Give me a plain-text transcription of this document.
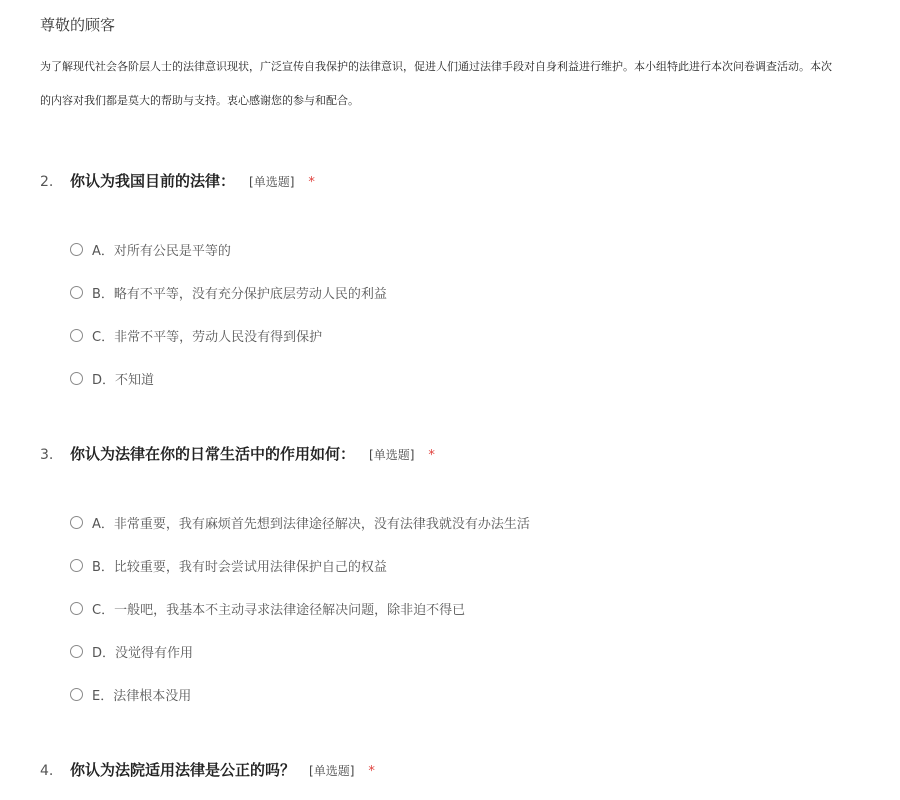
尊敬的顾客
为了解现代社会各阶层人士的法律意识现状，广泛宣传自我保护的法律意识，促进人们通过法律手段对自身利益进行维护。本小组特此进行本次问卷调查活动。本次
的内容对我们都是莫大的帮助与支持。衷心感谢您的参与和配合。
2.	你认为我国目前的法律： [单选题] *
A．对所有公民是平等的
B．略有不平等，没有充分保护底层劳动人民的利益
C．非常不平等，劳动人民没有得到保护
D．不知道
3.	你认为法律在你的日常生活中的作用如何： [单选题] *
A．非常重要，我有麻烦首先想到法律途径解决，没有法律我就没有办法生活
B．比较重要，我有时会尝试用法律保护自己的权益
C．一般吧，我基本不主动寻求法律途径解决问题，除非迫不得已
D．没觉得有作用
E．法律根本没用
4.	你认为法院适用法律是公正的吗？ [单选题] *
